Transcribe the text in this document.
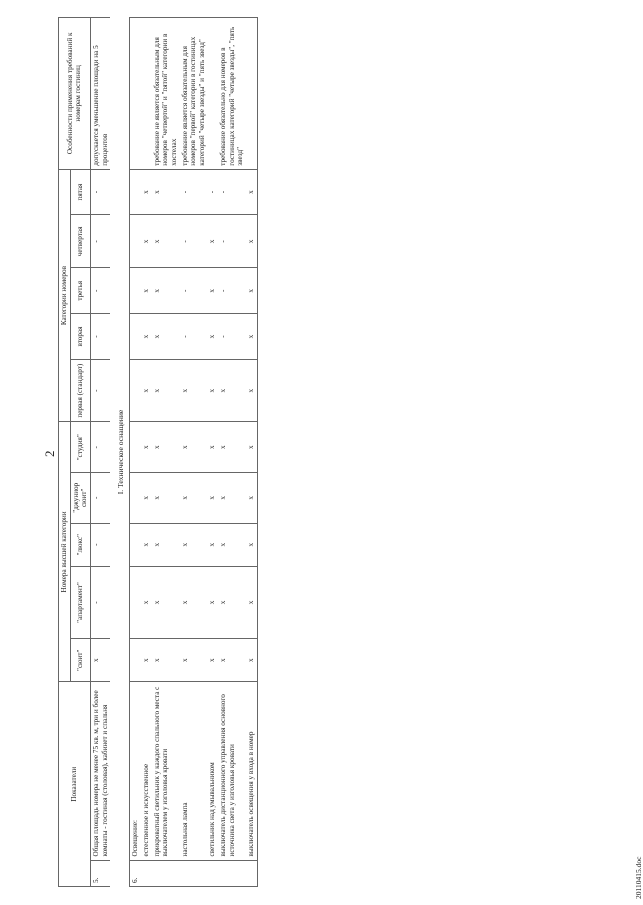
2
Показатели		Номера высшей категории					Категории номеров					Особенности применения требований к номерам гостиниц
		"сюит"	"апартамент"	"люкс"	"джуниор сюит"	"студия"	первая (стандарт)	вторая	третья	четвертая	пятая	
5.	Общая площадь номера не менее 75 кв. м, три и более комнаты - гостиная (столовая), кабинет и спальня	x	-	-	-	-	-	-	-	-	-	допускается уменьшение площади на 5 процентов
I. Техническое оснащение												
6.	Освещение:											
	естественное и искусственное	x	x	x	x	x	x	x	x	x	x	
	прикроватный светильник у каждого спального места с выключателем у изголовья кровати	x	x	x	x	x	x	x	x	x	x	требование не является обязательным для номеров "четвертой" и "пятой" категории в хостелах
	настольная лампа	x	x	x	x	x	x	-	-	-	-	требование является обязательным для номеров "первой" категории в гостиницах категорий "четыре звезды" и "пять звезд"
	светильник над умывальником	x	x	x	x	x	x	x	x	x	-	
	выключатель дистанционного управления основного источника света у изголовья кровати	x	x	x	x	x	x	-	-	-	-	требование обязательно для номеров в гостиницах категорий "четыре звезды", "пять звезд"
	выключатель освещения у входа в номер	x	x	x	x	x	x	x	x	x	x	
20110415.doc
